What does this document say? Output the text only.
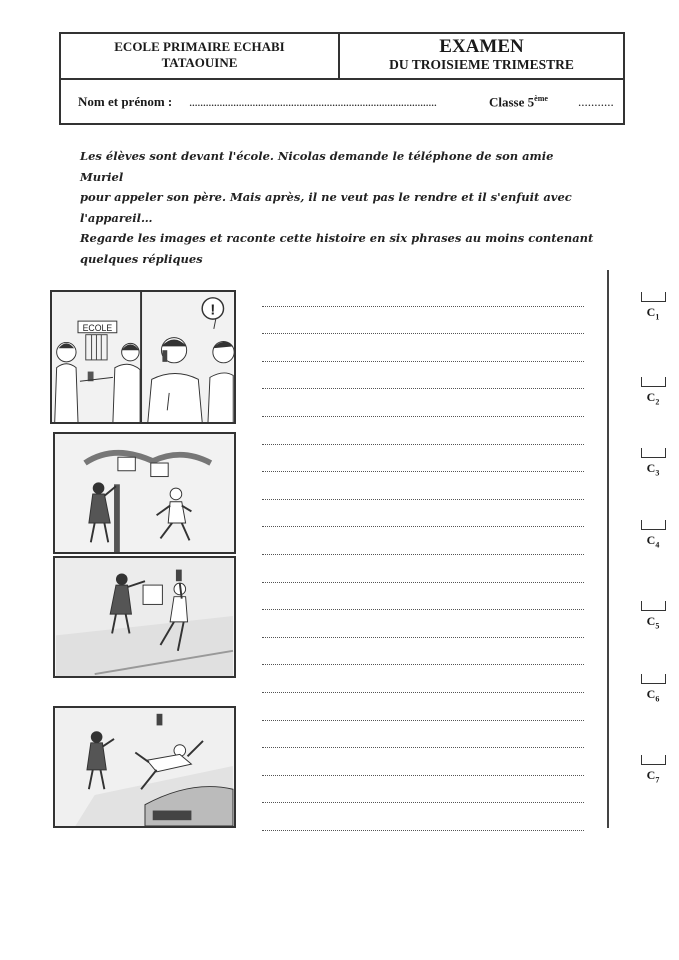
ECOLE PRIMAIRE ECHABI
TATAOUINE
EXAMEN
DU TROISIEME TRIMESTRE
Nom et prénom : ..........................................................................................	Classe 5ème ...........

Les élèves sont devant l'école. Nicolas demande le téléphone de son amie Muriel

pour appeler son père. Mais après, il ne veut pas le rendre et il s'enfuit avec

l'appareil…

Regarde les images et raconte cette histoire en six phrases au moins contenant

quelques répliques

ECOLE
!	$C_1$
$C_2$
$C_3$
$C_4$
$C_5$
$C_6$
$C_7$
